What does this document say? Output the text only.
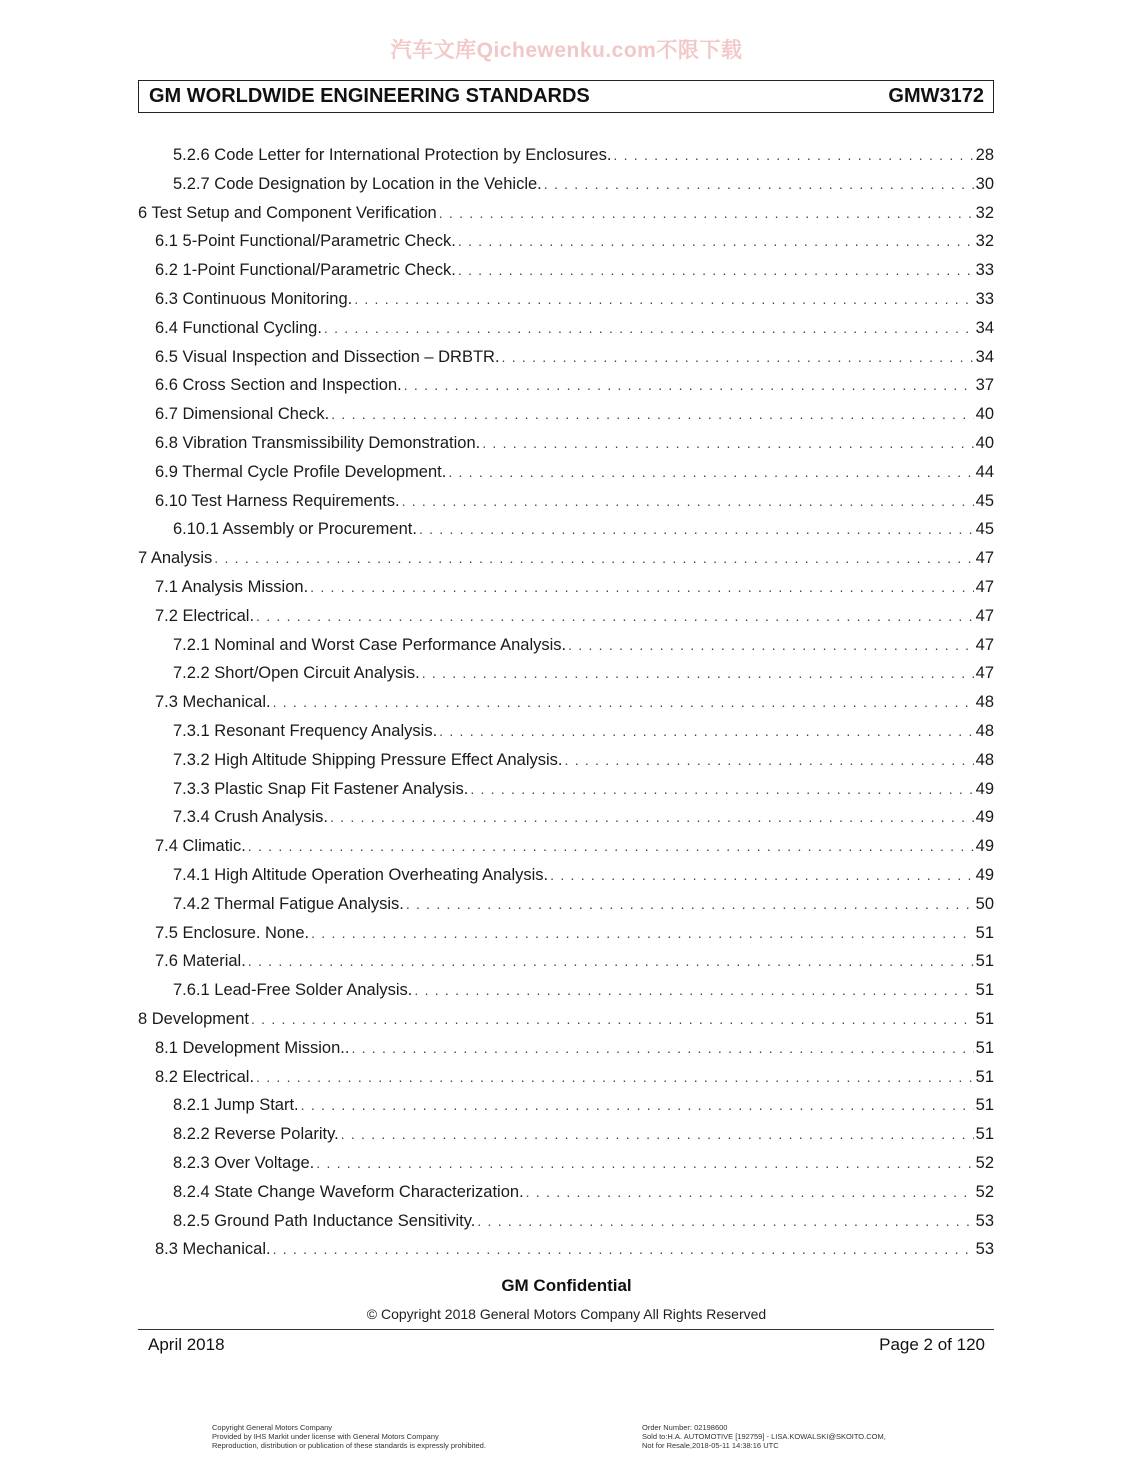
汽车文库Qichewenku.com不限下载
GM WORLDWIDE ENGINEERING STANDARDS	GMW3172
5.2.6 Code Letter for International Protection by Enclosures. . . .	28
5.2.7 Code Designation by Location in the Vehicle. . . .	30
6 Test Setup and Component Verification . . .	32
6.1 5-Point Functional/Parametric Check. . . .	32
6.2 1-Point Functional/Parametric Check. . . .	33
6.3 Continuous Monitoring. . . .	33
6.4 Functional Cycling. . . .	34
6.5 Visual Inspection and Dissection – DRBTR. . . .	34
6.6 Cross Section and Inspection. . . .	37
6.7 Dimensional Check. . . .	40
6.8 Vibration Transmissibility Demonstration. . . .	40
6.9 Thermal Cycle Profile Development. . . .	44
6.10 Test Harness Requirements. . . .	45
6.10.1 Assembly or Procurement. . . .	45
7 Analysis . . .	47
7.1 Analysis Mission. . . .	47
7.2 Electrical. . . .	47
7.2.1 Nominal and Worst Case Performance Analysis. . . .	47
7.2.2 Short/Open Circuit Analysis. . . .	47
7.3 Mechanical. . . .	48
7.3.1 Resonant Frequency Analysis. . . .	48
7.3.2 High Altitude Shipping Pressure Effect Analysis. . . .	48
7.3.3 Plastic Snap Fit Fastener Analysis. . . .	49
7.3.4 Crush Analysis. . . .	49
7.4 Climatic. . . .	49
7.4.1 High Altitude Operation Overheating Analysis. . . .	49
7.4.2 Thermal Fatigue Analysis. . . .	50
7.5 Enclosure. None. . . .	51
7.6 Material. . . .	51
7.6.1 Lead-Free Solder Analysis. . . .	51
8 Development . . .	51
8.1 Development Mission.. . . .	51
8.2 Electrical. . . .	51
8.2.1 Jump Start. . . .	51
8.2.2 Reverse Polarity. . . .	51
8.2.3 Over Voltage. . . .	52
8.2.4 State Change Waveform Characterization. . . .	52
8.2.5 Ground Path Inductance Sensitivity. . . .	53
8.3 Mechanical. . . .	53
GM Confidential
© Copyright 2018 General Motors Company All Rights Reserved
April 2018	Page 2 of 120
Copyright General Motors Company
Provided by IHS Markit under license with General Motors Company
Reproduction, distribution or publication of these standards is expressly prohibited.
Order Number: 02198600
Sold to:H.A. AUTOMOTIVE [192759] - LISA.KOWALSKI@SKOITO.COM,
Not for Resale,2018-05-11 14:38:16 UTC
